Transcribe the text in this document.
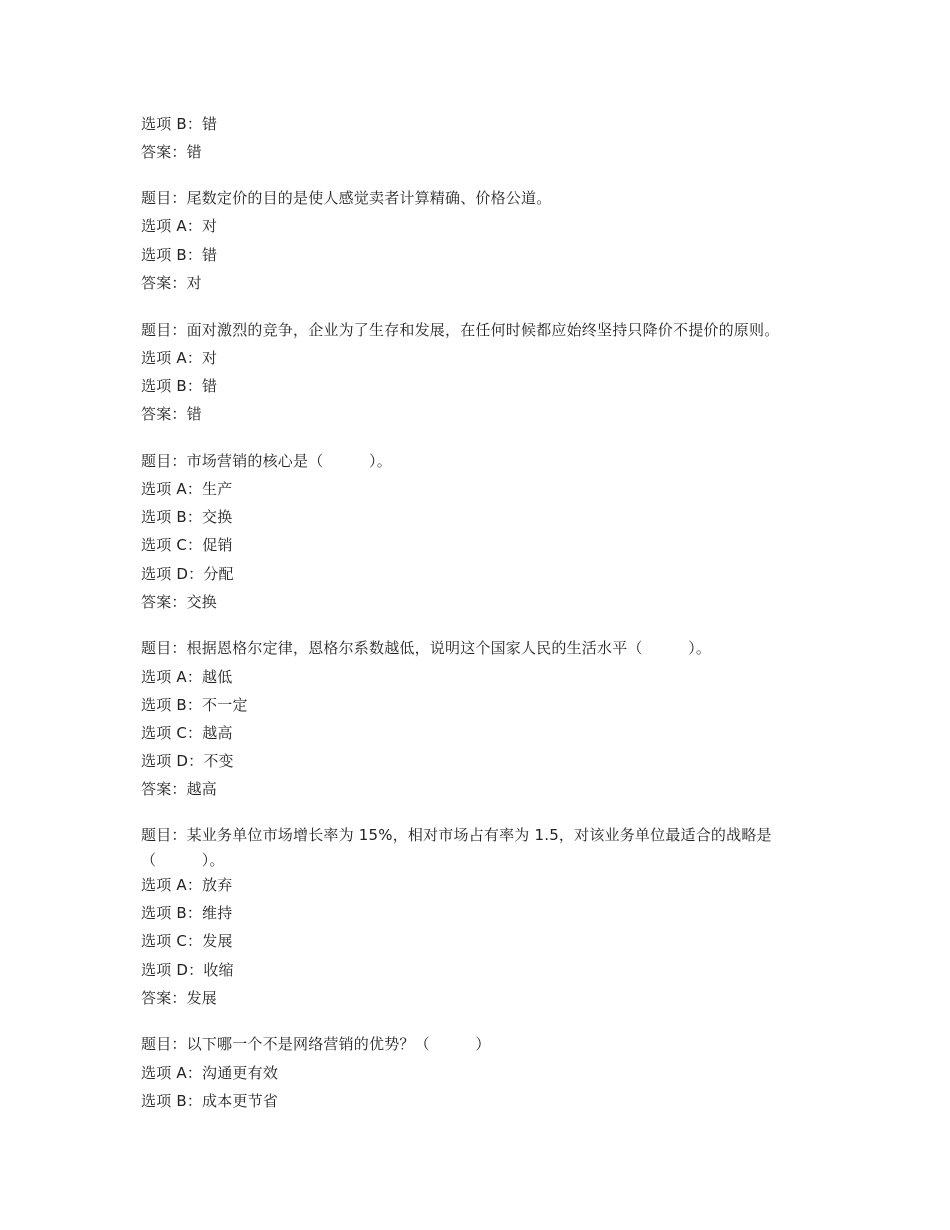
选项 B：错
答案：错
题目：尾数定价的目的是使人感觉卖者计算精确、价格公道。
选项 A：对
选项 B：错
答案：对
题目：面对激烈的竞争，企业为了生存和发展，在任何时候都应始终坚持只降价不提价的原则。
选项 A：对
选项 B：错
答案：错
题目：市场营销的核心是（　　　）。
选项 A：生产
选项 B：交换
选项 C：促销
选项 D：分配
答案：交换
题目：根据恩格尔定律，恩格尔系数越低，说明这个国家人民的生活水平（　　　）。
选项 A：越低
选项 B：不一定
选项 C：越高
选项 D：不变
答案：越高
题目：某业务单位市场增长率为 15%，相对市场占有率为 1.5，对该业务单位最适合的战略是（　　　）。
选项 A：放弃
选项 B：维持
选项 C：发展
选项 D：收缩
答案：发展
题目：以下哪一个不是网络营销的优势？（　　　）
选项 A：沟通更有效
选项 B：成本更节省
